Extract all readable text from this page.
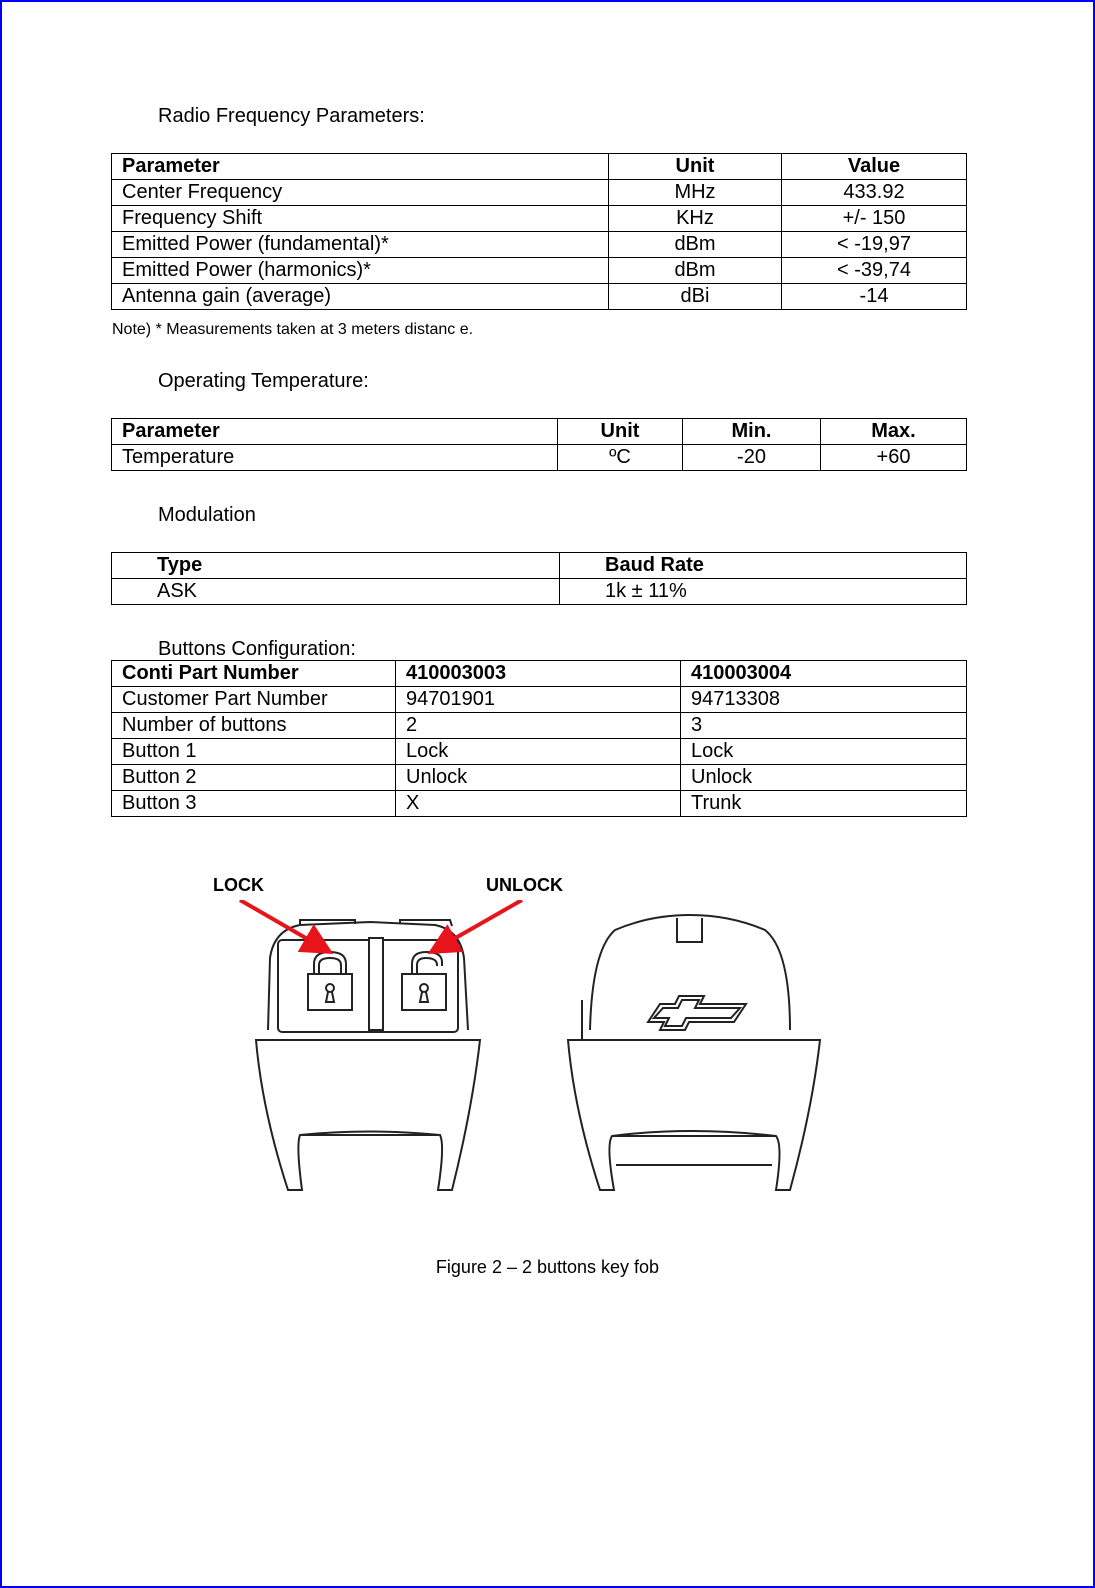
Radio Frequency Parameters:
Parameter	Unit	Value
Center Frequency	MHz	433.92
Frequency Shift	KHz	+/- 150
Emitted Power (fundamental)*	dBm	< -19,97
Emitted Power (harmonics)*	dBm	< -39,74
Antenna gain (average)	dBi	-14
Note) * Measurements taken at 3 meters distanc e.
Operating Temperature:
Parameter	Unit	Min.	Max.
Temperature	ºC	-20	+60
Modulation
Type	Baud Rate
ASK	1k ± 11%
Buttons Configuration:
Conti Part Number	410003003	410003004
Customer Part Number	94701901	94713308
Number of buttons	2	3
Button 1	Lock	Lock
Button 2	Unlock	Unlock
Button 3	X	Trunk
LOCK	UNLOCK
Figure 2 – 2 buttons key fob
